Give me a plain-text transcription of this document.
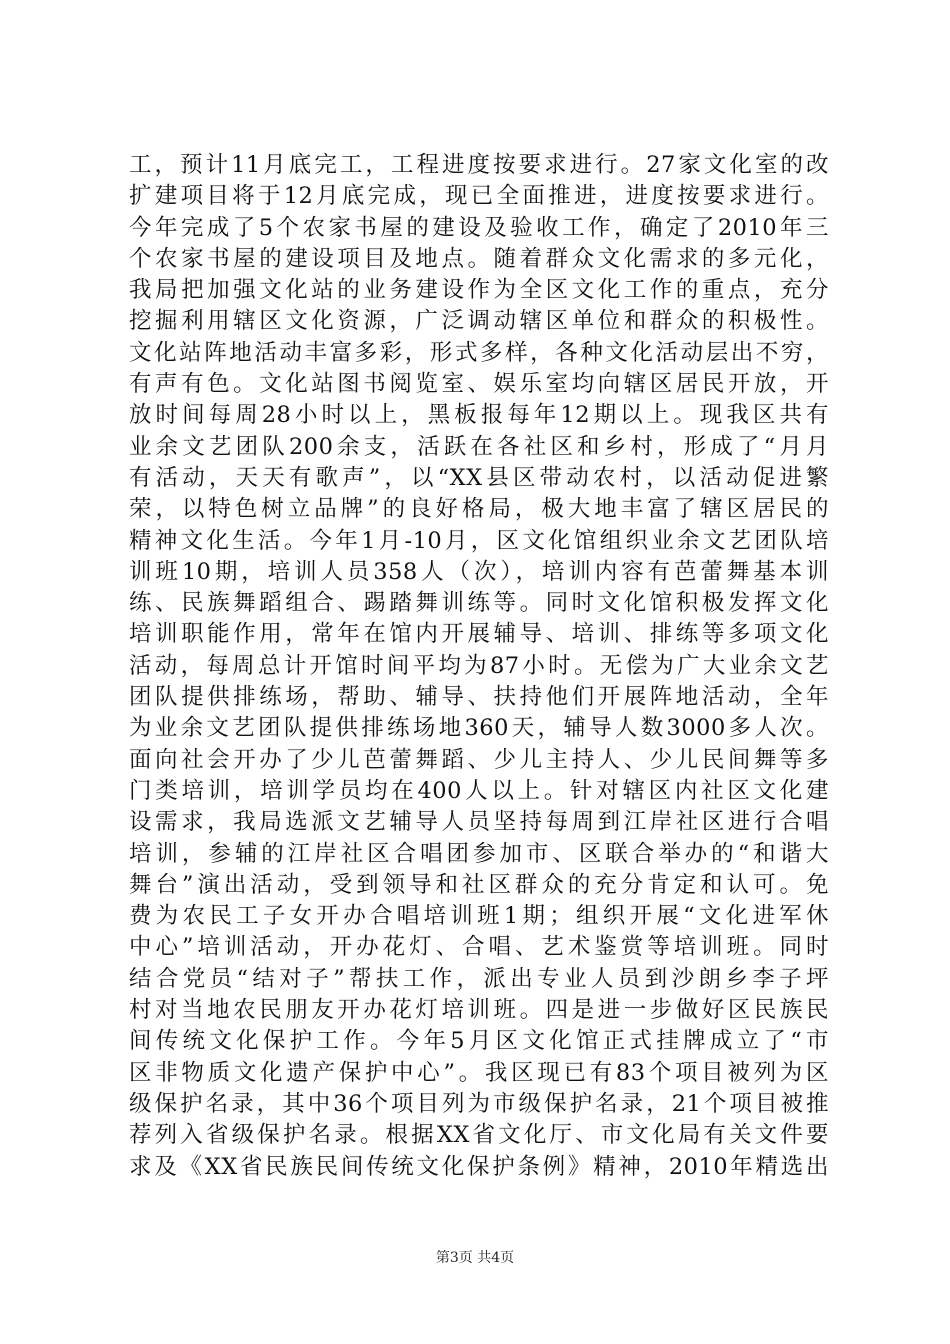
工，预计11月底完工，工程进度按要求进行。27家文化室的改
扩建项目将于12月底完成，现已全面推进，进度按要求进行。
今年完成了5个农家书屋的建设及验收工作，确定了2010年三
个农家书屋的建设项目及地点。随着群众文化需求的多元化，
我局把加强文化站的业务建设作为全区文化工作的重点，充分
挖掘利用辖区文化资源，广泛调动辖区单位和群众的积极性。
文化站阵地活动丰富多彩，形式多样，各种文化活动层出不穷，
有声有色。文化站图书阅览室、娱乐室均向辖区居民开放，开
放时间每周28小时以上，黑板报每年12期以上。现我区共有
业余文艺团队200余支，活跃在各社区和乡村，形成了“月月
有活动，天天有歌声”，以“XX县区带动农村，以活动促进繁
荣，以特色树立品牌”的良好格局，极大地丰富了辖区居民的
精神文化生活。今年1月-10月，区文化馆组织业余文艺团队培
训班10期，培训人员358人（次），培训内容有芭蕾舞基本训
练、民族舞蹈组合、踢踏舞训练等。同时文化馆积极发挥文化
培训职能作用，常年在馆内开展辅导、培训、排练等多项文化
活动，每周总计开馆时间平均为87小时。无偿为广大业余文艺
团队提供排练场，帮助、辅导、扶持他们开展阵地活动，全年
为业余文艺团队提供排练场地360天，辅导人数3000多人次。
面向社会开办了少儿芭蕾舞蹈、少儿主持人、少儿民间舞等多
门类培训，培训学员均在400人以上。针对辖区内社区文化建
设需求，我局选派文艺辅导人员坚持每周到江岸社区进行合唱
培训，参辅的江岸社区合唱团参加市、区联合举办的“和谐大
舞台”演出活动，受到领导和社区群众的充分肯定和认可。免
费为农民工子女开办合唱培训班1期；组织开展“文化进军休
中心”培训活动，开办花灯、合唱、艺术鉴赏等培训班。同时
结合党员“结对子”帮扶工作，派出专业人员到沙朗乡李子坪
村对当地农民朋友开办花灯培训班。四是进一步做好区民族民
间传统文化保护工作。今年5月区文化馆正式挂牌成立了“市
区非物质文化遗产保护中心”。我区现已有83个项目被列为区
级保护名录，其中36个项目列为市级保护名录，21个项目被推
荐列入省级保护名录。根据XX省文化厅、市文化局有关文件要
求及《XX省民族民间传统文化保护条例》精神，2010年精选出
第3页 共4页
